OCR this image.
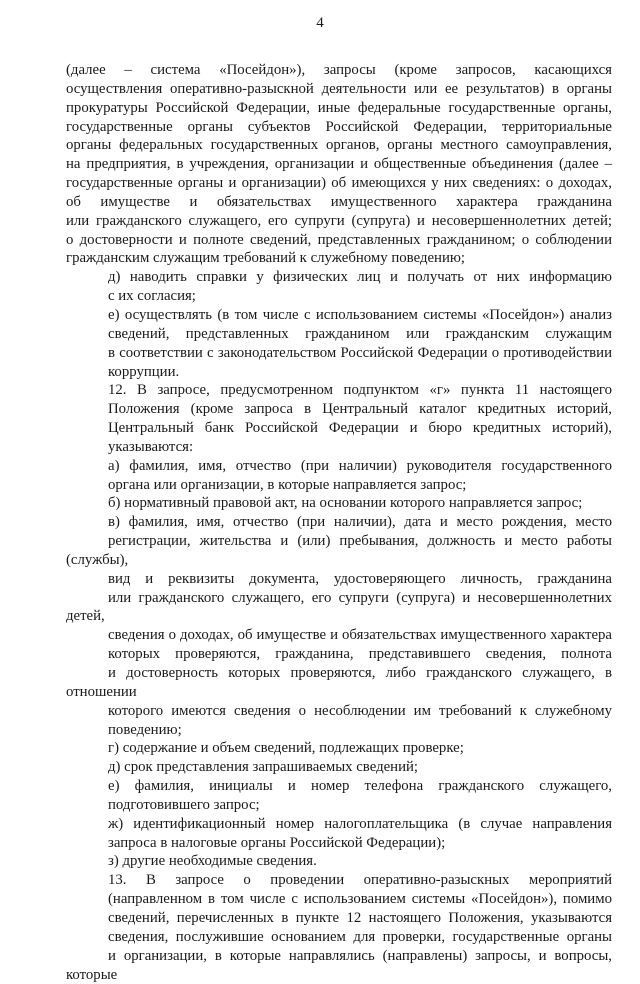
4

(далее – система «Посейдон»), запросы (кроме запросов, касающихся
осуществления оперативно-разыскной деятельности или ее результатов) в органы
прокуратуры Российской Федерации, иные федеральные государственные органы,
государственные органы субъектов Российской Федерации, территориальные
органы федеральных государственных органов, органы местного самоуправления,
на предприятия, в учреждения, организации и общественные объединения (далее –
государственные органы и организации) об имеющихся у них сведениях: о доходах,
об имуществе и обязательствах имущественного характера гражданина
или гражданского служащего, его супруги (супруга) и несовершеннолетних детей;
о достоверности и полноте сведений, представленных гражданином; о соблюдении
гражданским служащим требований к служебному поведению;

д) наводить справки у физических лиц и получать от них информацию
с их согласия;

е) осуществлять (в том числе с использованием системы «Посейдон») анализ
сведений, представленных гражданином или гражданским служащим
в соответствии с законодательством Российской Федерации о противодействии
коррупции.

12. В запросе, предусмотренном подпунктом «г» пункта 11 настоящего
Положения (кроме запроса в Центральный каталог кредитных историй,
Центральный банк Российской Федерации и бюро кредитных историй),
указываются:

а) фамилия, имя, отчество (при наличии) руководителя государственного
органа или организации, в которые направляется запрос;

б) нормативный правовой акт, на основании которого направляется запрос;

в) фамилия, имя, отчество (при наличии), дата и место рождения, место
регистрации, жительства и (или) пребывания, должность и место работы (службы),
вид и реквизиты документа, удостоверяющего личность, гражданина
или гражданского служащего, его супруги (супруга) и несовершеннолетних детей,
сведения о доходах, об имуществе и обязательствах имущественного характера
которых проверяются, гражданина, представившего сведения, полнота
и достоверность которых проверяются, либо гражданского служащего, в отношении
которого имеются сведения о несоблюдении им требований к служебному
поведению;

г) содержание и объем сведений, подлежащих проверке;

д) срок представления запрашиваемых сведений;

е) фамилия, инициалы и номер телефона гражданского служащего,
подготовившего запрос;

ж) идентификационный номер налогоплательщика (в случае направления
запроса в налоговые органы Российской Федерации);

з) другие необходимые сведения.

13. В запросе о проведении оперативно-разыскных мероприятий
(направленном в том числе с использованием системы «Посейдон»), помимо
сведений, перечисленных в пункте 12 настоящего Положения, указываются
сведения, послужившие основанием для проверки, государственные органы
и организации, в которые направлялись (направлены) запросы, и вопросы, которые
